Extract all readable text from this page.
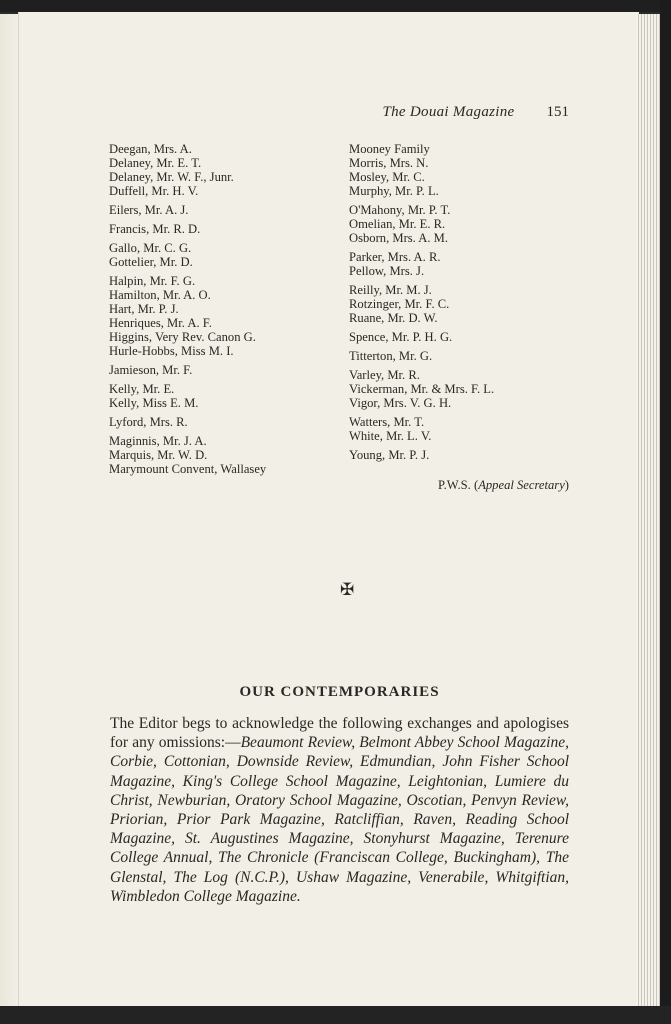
The Douai Magazine 151
Deegan, Mrs. A.
Delaney, Mr. E. T.
Delaney, Mr. W. F., Junr.
Duffell, Mr. H. V.
Eilers, Mr. A. J.
Francis, Mr. R. D.
Gallo, Mr. C. G.
Gottelier, Mr. D.
Halpin, Mr. F. G.
Hamilton, Mr. A. O.
Hart, Mr. P. J.
Henriques, Mr. A. F.
Higgins, Very Rev. Canon G.
Hurle-Hobbs, Miss M. I.
Jamieson, Mr. F.
Kelly, Mr. E.
Kelly, Miss E. M.
Lyford, Mrs. R.
Maginnis, Mr. J. A.
Marquis, Mr. W. D.
Marymount Convent, Wallasey
Mooney Family
Morris, Mrs. N.
Mosley, Mr. C.
Murphy, Mr. P. L.
O'Mahony, Mr. P. T.
Omelian, Mr. E. R.
Osborn, Mrs. A. M.
Parker, Mrs. A. R.
Pellow, Mrs. J.
Reilly, Mr. M. J.
Rotzinger, Mr. F. C.
Ruane, Mr. D. W.
Spence, Mr. P. H. G.
Titterton, Mr. G.
Varley, Mr. R.
Vickerman, Mr. & Mrs. F. L.
Vigor, Mrs. V. G. H.
Watters, Mr. T.
White, Mr. L. V.
Young, Mr. P. J.
P.W.S. (Appeal Secretary)
✠
OUR CONTEMPORARIES
The Editor begs to acknowledge the following exchanges and apologises for any omissions:—Beaumont Review, Belmont Abbey School Magazine, Corbie, Cottonian, Downside Review, Edmundian, John Fisher School Magazine, King's College School Magazine, Leightonian, Lumiere du Christ, Newburian, Oratory School Magazine, Oscotian, Penvyn Review, Priorian, Prior Park Magazine, Ratcliffian, Raven, Reading School Magazine, St. Augustines Magazine, Stonyhurst Magazine, Terenure College Annual, The Chronicle (Franciscan College, Buckingham), The Glenstal, The Log (N.C.P.), Ushaw Magazine, Venerabile, Whitgiftian, Wimbledon College Magazine.
